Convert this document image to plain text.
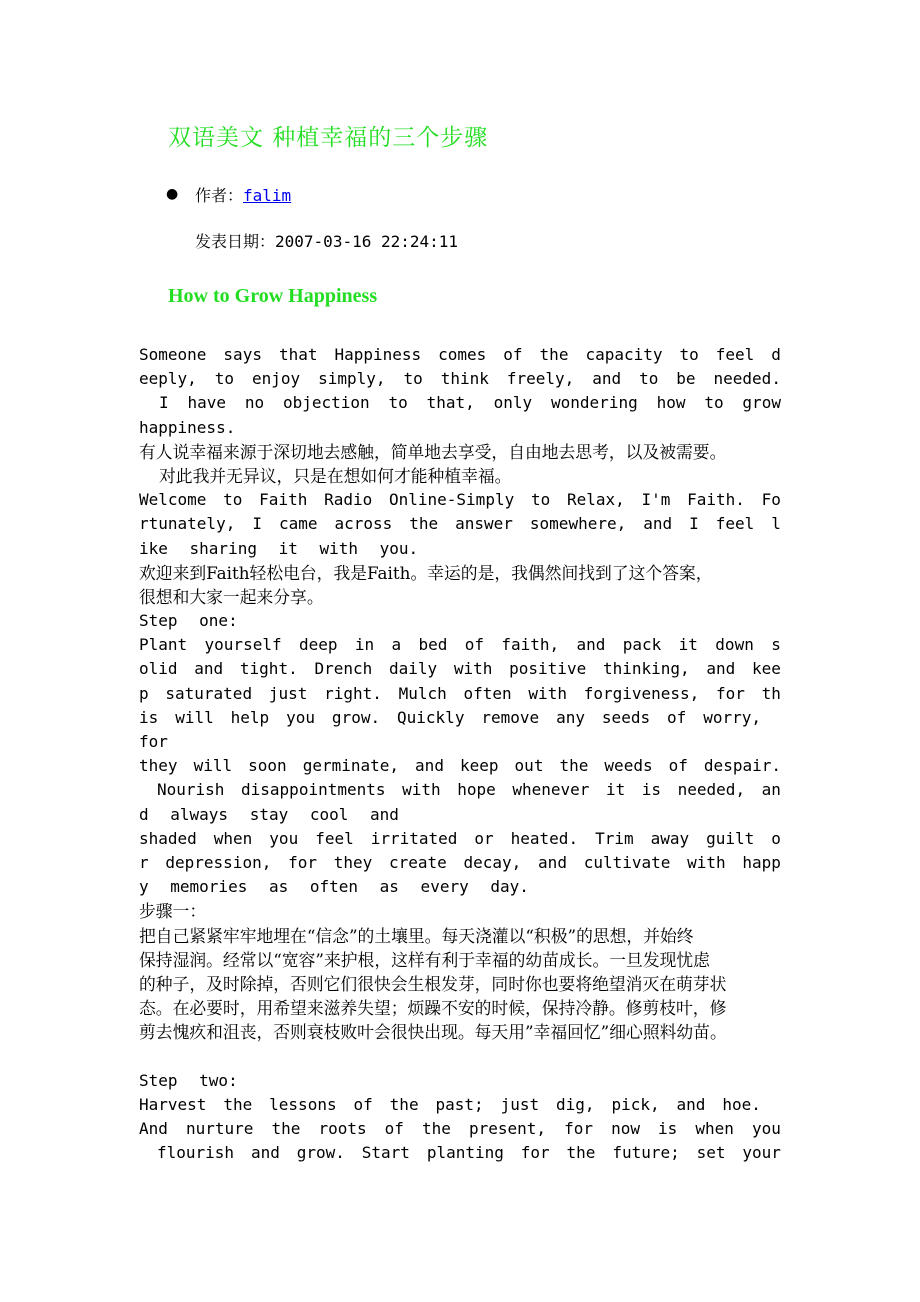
双语美文 种植幸福的三个步骤
● 作者：falim
发表日期：2007-03-16 22:24:11
How to Grow Happiness
Someone says that Happiness comes of the capacity to feel d
eeply, to enjoy simply, to think freely, and to be needed.
I have no objection to that, only wondering how to grow
happiness.
有人说幸福来源于深切地去感触，简单地去享受，自由地去思考，以及被需要。
对此我并无异议，只是在想如何才能种植幸福。
Welcome to Faith Radio Online-Simply to Relax, I'm Faith. Fo
rtunately, I came across the answer somewhere, and I feel l
ike sharing it with you.
欢迎来到Faith轻松电台，我是Faith。幸运的是，我偶然间找到了这个答案，
很想和大家一起来分享。
Step one:
Plant yourself deep in a bed of faith, and pack it down s
olid and tight. Drench daily with positive thinking, and kee
p saturated just right. Mulch often with forgiveness, for th
is will help you grow. Quickly remove any seeds of worry,
for
they will soon germinate, and keep out the weeds of despair.
Nourish disappointments with hope whenever it is needed, an
d always stay cool and
shaded when you feel irritated or heated. Trim away guilt o
r depression, for they create decay, and cultivate with happ
y memories as often as every day.
步骤一：
把自己紧紧牢牢地埋在“信念”的土壤里。每天浇灌以“积极”的思想，并始终
保持湿润。经常以“宽容”来护根，这样有利于幸福的幼苗成长。一旦发现忧虑
的种子，及时除掉，否则它们很快会生根发芽，同时你也要将绝望消灭在萌芽状
态。在必要时，用希望来滋养失望；烦躁不安的时候，保持冷静。修剪枝叶，修
剪去愧疚和沮丧，否则衰枝败叶会很快出现。每天用”幸福回忆”细心照料幼苗。
Step two:
Harvest the lessons of the past; just dig, pick, and hoe.
And nurture the roots of the present, for now is when you
flourish and grow. Start planting for the future; set your
